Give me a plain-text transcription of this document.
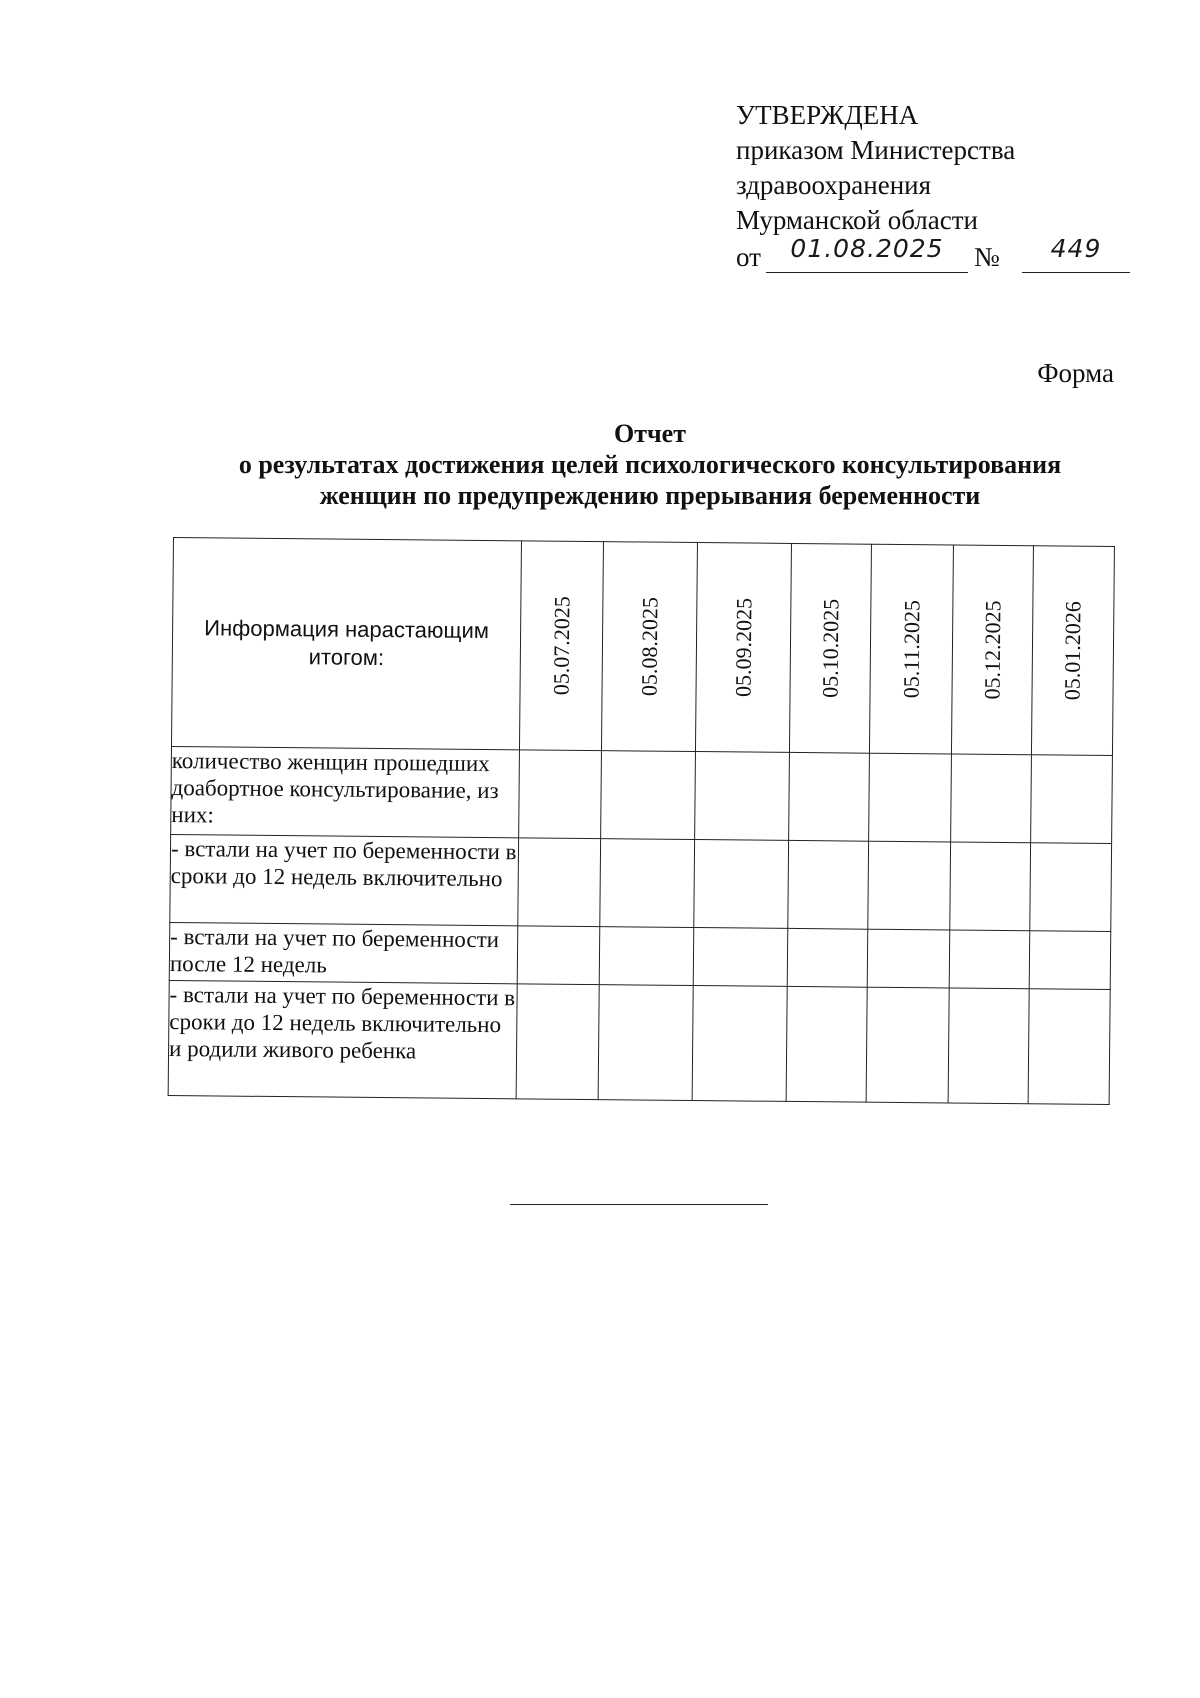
УТВЕРЖДЕНА
приказом Министерства
здравоохранения
Мурманской области
от	01.08.2025	№	449
Форма
Отчет
о результатах достижения целей психологического консультирования
женщин по предупреждению прерывания беременности
Информация нарастающим итогом:	05.07.2025	05.08.2025	05.09.2025	05.10.2025	05.11.2025	05.12.2025	05.01.2026

количество женщин прошедших доабортное консультирование, из них:							
- встали на учет по беременности в сроки до 12 недель включительно							
- встали на учет по беременности после 12 недель							
- встали на учет по беременности в сроки до 12 недель включительно и родили живого ребенка							
